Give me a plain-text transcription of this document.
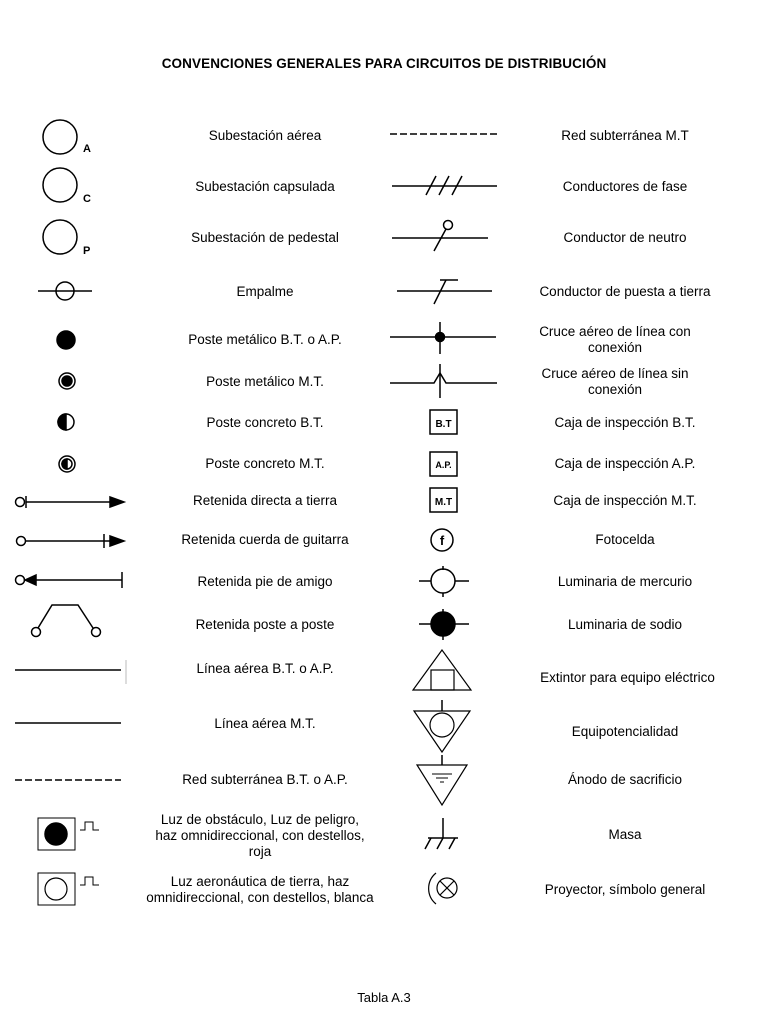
CONVENCIONES GENERALES PARA CIRCUITOS DE DISTRIBUCIÓN
Subestación aérea
Subestación capsulada
Subestación de pedestal
Empalme
Poste metálico B.T. o A.P.
Poste metálico M.T.
Poste concreto B.T.
Poste concreto M.T.
Retenida directa a tierra
Retenida cuerda de guitarra
Retenida pie de amigo
Retenida poste a poste
Línea aérea B.T. o A.P.
Línea aérea M.T.
Red subterránea B.T. o A.P.
Luz de obstáculo, Luz de peligro, haz omnidireccional, con destellos, roja
Luz aeronáutica de tierra, haz omnidireccional, con destellos, blanca
Red subterránea M.T
Conductores de fase
Conductor de neutro
Conductor de puesta a tierra
Cruce aéreo de línea con conexión
Cruce aéreo de línea sin conexión
Caja de inspección B.T.
Caja de inspección A.P.
Caja de inspección M.T.
Fotocelda
Luminaria de mercurio
Luminaria de sodio
Extintor para equipo eléctrico
Equipotencialidad
Ánodo de sacrificio
Masa
Proyector, símbolo general
A
C
P
B.T
A.P.
M.T
f
Tabla A.3
